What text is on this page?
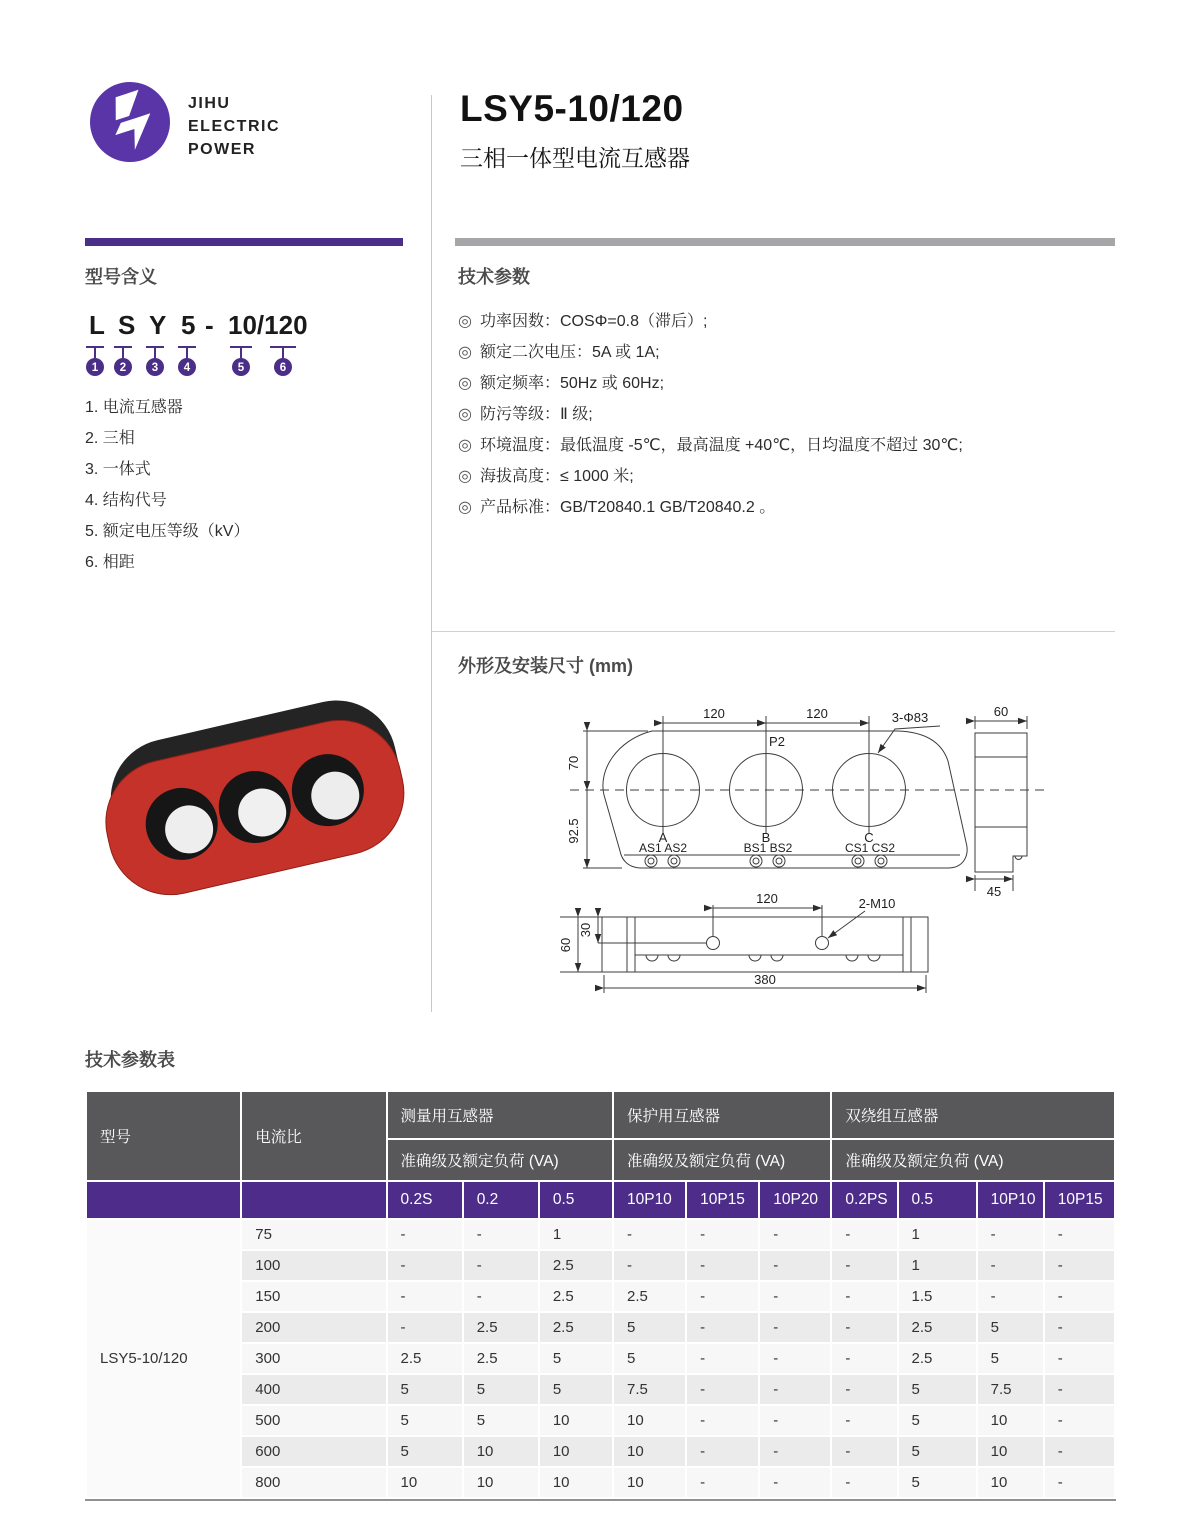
JIHU
ELECTRIC
POWER
LSY5-10/120
三相一体型电流互感器
型号含义
L S Y 5 - 10/120
1 2 3 4	5	6
1. 电流互感器
2. 三相
3. 一体式
4. 结构代号
5. 额定电压等级（kV）
6. 相距
技术参数
◎ 功率因数：COSΦ=0.8（滞后）;
◎ 额定二次电压：5A 或 1A;
◎ 额定频率：50Hz 或 60Hz;
◎ 防污等级：Ⅱ 级;
◎ 环境温度：最低温度 -5℃，最高温度 +40℃，日均温度不超过 30℃;
◎ 海拔高度：≤ 1000 米;
◎ 产品标准：GB/T20840.1 GB/T20840.2 。
外形及安装尺寸 (mm)
120	120	3-Φ83
P2
70
92.5	A	B	C
AS1 AS2	BS1 BS2	CS1 CS2
60
45
120	2-M10
60
30
380
技术参数表
型号	电流比	测量用互感器			保护用互感器			双绕组互感器			
		准确级及额定负荷 (VA)			准确级及额定负荷 (VA)			准确级及额定负荷 (VA)			
		0.2S	0.2	0.5	10P10	10P15	10P20	0.2PS	0.5	10P10	10P15
LSY5-10/120	75	-	-	1	-	-	-	-	1	-	-
	100	-	-	2.5	-	-	-	-	1	-	-
	150	-	-	2.5	2.5	-	-	-	1.5	-	-
	200	-	2.5	2.5	5	-	-	-	2.5	5	-
	300	2.5	2.5	5	5	-	-	-	2.5	5	-
	400	5	5	5	7.5	-	-	-	5	7.5	-
	500	5	5	10	10	-	-	-	5	10	-
	600	5	10	10	10	-	-	-	5	10	-
	800	10	10	10	10	-	-	-	5	10	-
